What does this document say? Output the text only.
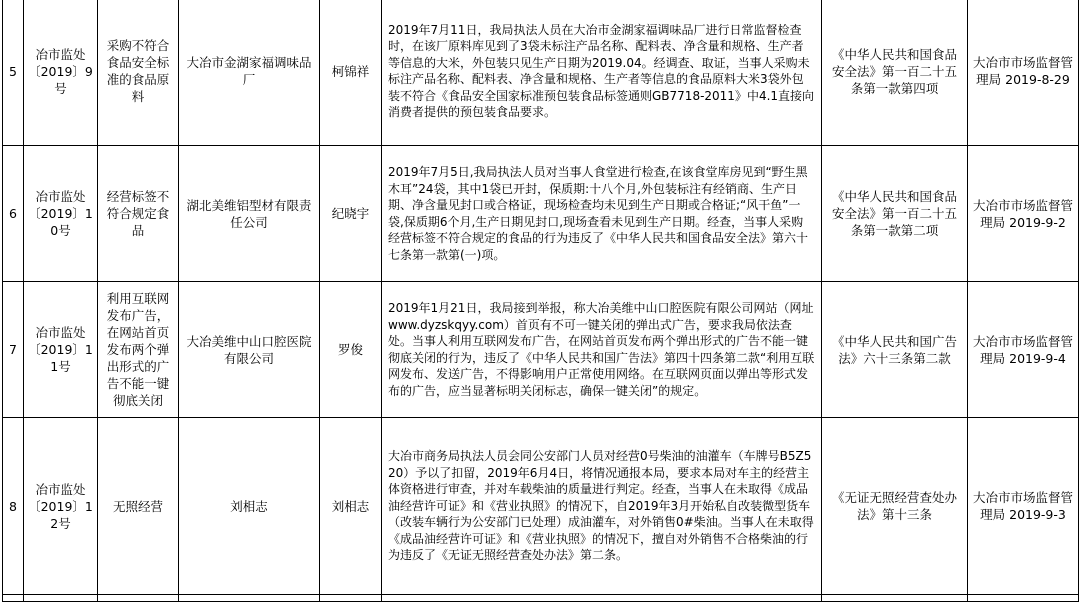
5	冶市监处〔2019〕9号	采购不符合食品安全标准的食品原料	大冶市金湖家福调味品厂	柯锦祥	2019年7月11日，我局执法人员在大冶市金湖家福调味品厂进行日常监督检查时，在该厂原料库见到了3袋未标注产品名称、配料表、净含量和规格、生产者等信息的大米，外包装只见生产日期为2019.04。经调查、取证，当事人采购未标注产品名称、配料表、净含量和规格、生产者等信息的食品原料大米3袋外包装不符合《食品安全国家标准预包装食品标签通则GB7718-2011》中4.1直接向消费者提供的预包装食品要求。	《中华人民共和国食品安全法》第一百二十五条第一款第四项	大冶市市场监督管理局 2019-8-29
6	冶市监处〔2019〕10号	经营标签不符合规定食品	湖北美维铝型材有限责任公司	纪晓宇	2019年7月5日,我局执法人员对当事人食堂进行检查,在该食堂库房见到“野生黑木耳”24袋，其中1袋已开封，保质期:十八个月,外包装标注有经销商、生产日期、净含量见封口或合格证，现场检查均未见到生产日期或合格证;“风干鱼”一袋,保质期6个月,生产日期见封口,现场查看未见到生产日期。经查，当事人采购经营标签不符合规定的食品的行为违反了《中华人民共和国食品安全法》第六十七条第一款第(一)项。	《中华人民共和国食品安全法》第一百二十五条第一款第二项	大冶市市场监督管理局 2019-9-2
7	冶市监处〔2019〕11号	利用互联网发布广告，在网站首页发布两个弹出形式的广告不能一键彻底关闭	大冶美维中山口腔医院有限公司	罗俊	2019年1月21日，我局接到举报，称大冶美维中山口腔医院有限公司网站（网址www.dyzskqyy.com）首页有不可一键关闭的弹出式广告，要求我局依法查处。当事人利用互联网发布广告，在网站首页发布两个弹出形式的广告不能一键彻底关闭的行为，违反了《中华人民共和国广告法》第四十四条第二款“利用互联网发布、发送广告，不得影响用户正常使用网络。在互联网页面以弹出等形式发布的广告，应当显著标明关闭标志，确保一键关闭”的规定。	《中华人民共和国广告法》六十三条第二款	大冶市市场监督管理局 2019-9-4
8	冶市监处〔2019〕12号	无照经营	刘相志	刘相志	大冶市商务局执法人员会同公安部门人员对经营0号柴油的油灌车（车牌号B5Z520）予以了扣留，2019年6月4日，将情况通报本局，要求本局对车主的经营主体资格进行审查，并对车载柴油的质量进行判定。经查，当事人在未取得《成品油经营许可证》和《营业执照》的情况下，自2019年3月开始私自改装微型货车（改装车辆行为公安部门已处理）成油灌车，对外销售0#柴油。当事人在未取得《成品油经营许可证》和《营业执照》的情况下，擅自对外销售不合格柴油的行为违反了《无证无照经营查处办法》第二条。	《无证无照经营查处办法》第十三条	大冶市市场监督管理局 2019-9-3
